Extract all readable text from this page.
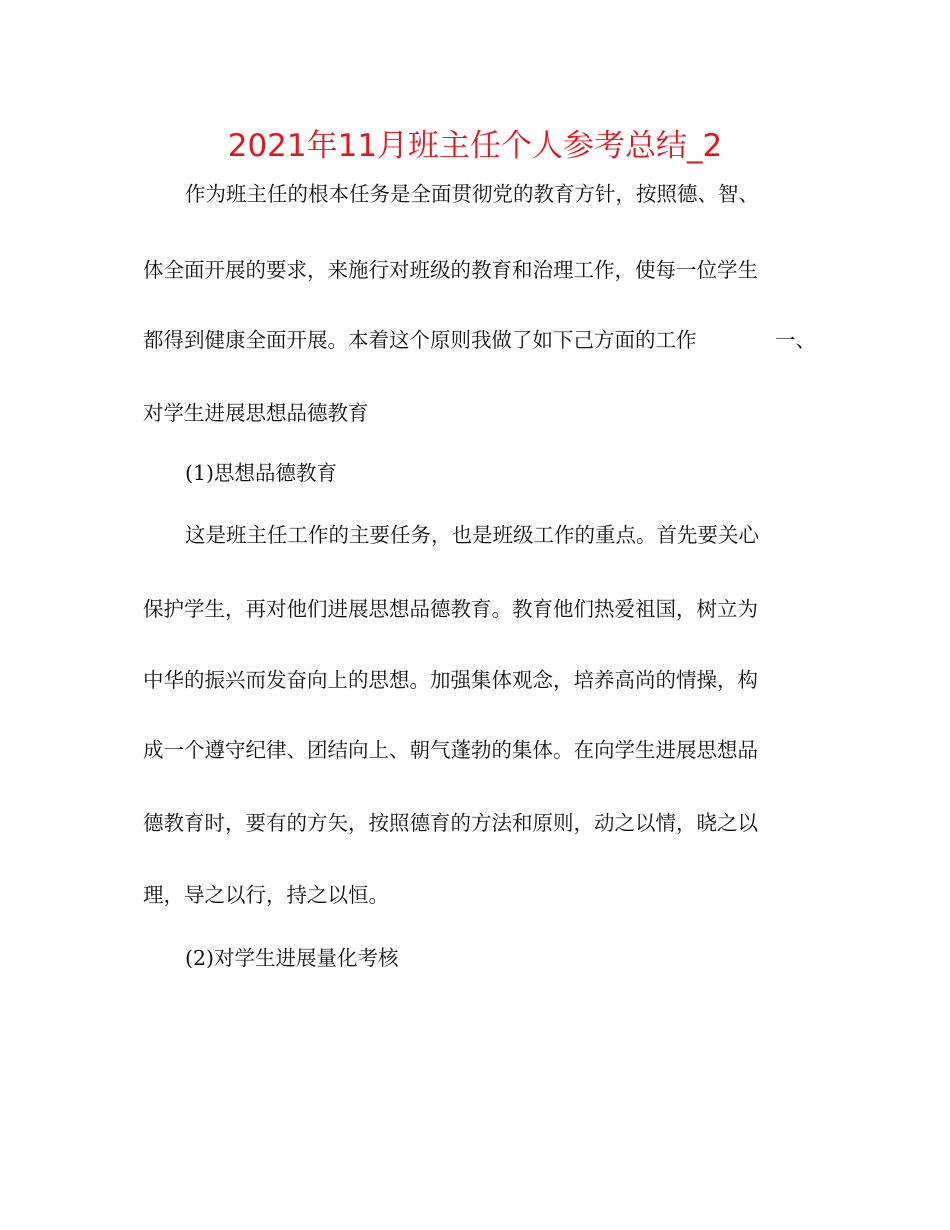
2021年11月班主任个人参考总结_2

作为班主任的根本任务是全面贯彻党的教育方针，按照德、智、

体全面开展的要求，来施行对班级的教育和治理工作，使每一位学生

都得到健康全面开展。本着这个原则我做了如下己方面的工作	一、

对学生进展思想品德教育

(1)思想品德教育

这是班主任工作的主要任务，也是班级工作的重点。首先要关心

保护学生，再对他们进展思想品德教育。教育他们热爱祖国，树立为

中华的振兴而发奋向上的思想。加强集体观念，培养高尚的情操，构

成一个遵守纪律、团结向上、朝气蓬勃的集体。在向学生进展思想品

德教育时，要有的方矢，按照德育的方法和原则，动之以情，晓之以

理，导之以行，持之以恒。

(2)对学生进展量化考核
